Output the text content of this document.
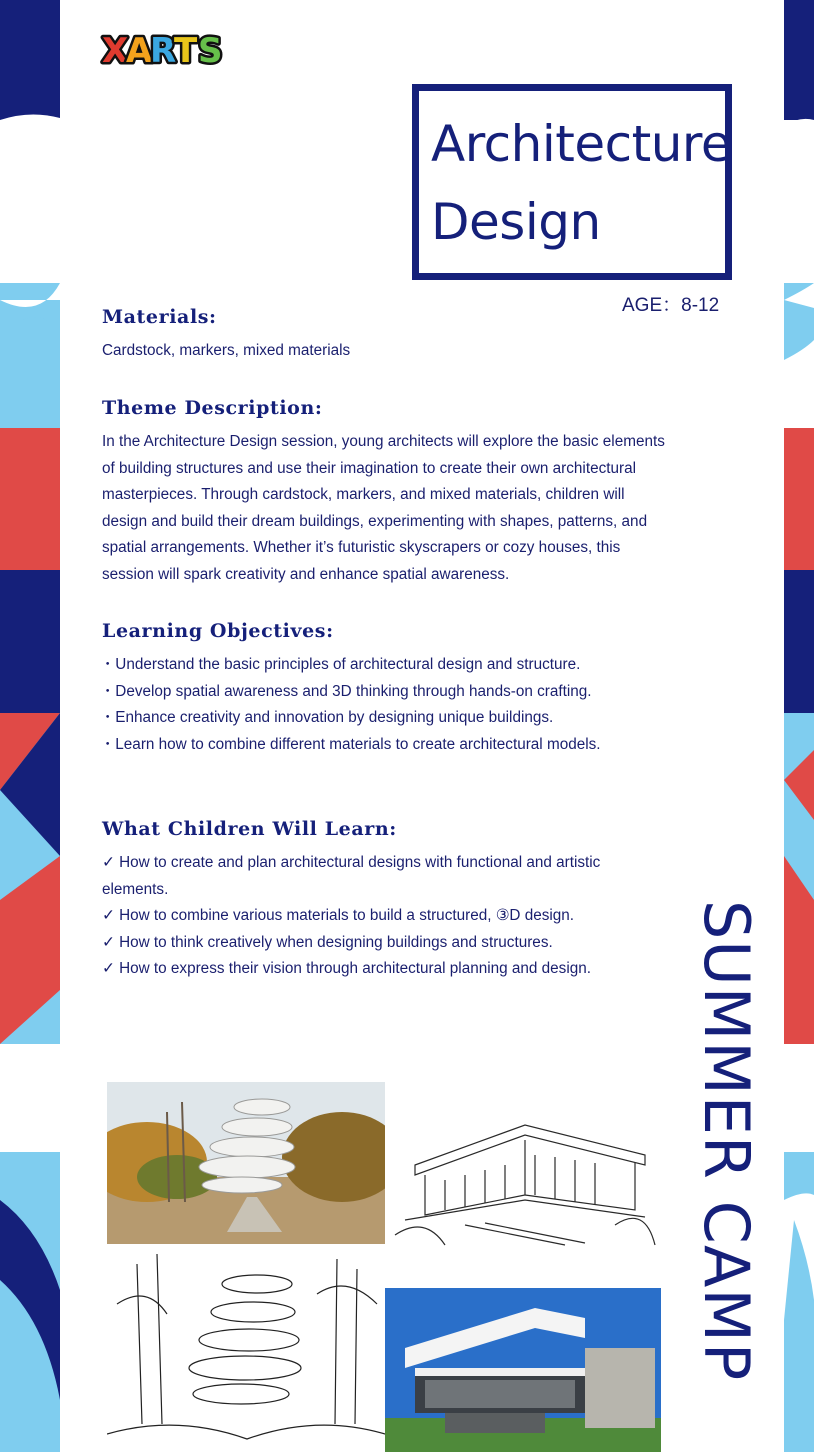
X
A
R
T S
Architecture
Design
AGE：8-12
Materials:
Cardstock, markers, mixed materials
Theme Description:
In the Architecture Design session, young architects will explore the basic elements
of building structures and use their imagination to create their own architectural
masterpieces. Through cardstock, markers, and mixed materials, children will
design and build their dream buildings, experimenting with shapes, patterns, and
spatial arrangements. Whether it’s futuristic skyscrapers or cozy houses, this
session will spark creativity and enhance spatial awareness.
Learning Objectives:
・Understand the basic principles of architectural design and structure.
・Develop spatial awareness and 3D thinking through hands-on crafting.
・Enhance creativity and innovation by designing unique buildings.
・Learn how to combine different materials to create architectural models.
What Children Will Learn:
✓ How to create and plan architectural designs with functional and artistic
elements.
✓ How to combine various materials to build a structured, ③D design.
✓ How to think creatively when designing buildings and structures.
✓ How to express their vision through architectural planning and design.	SUMMER CAMP
